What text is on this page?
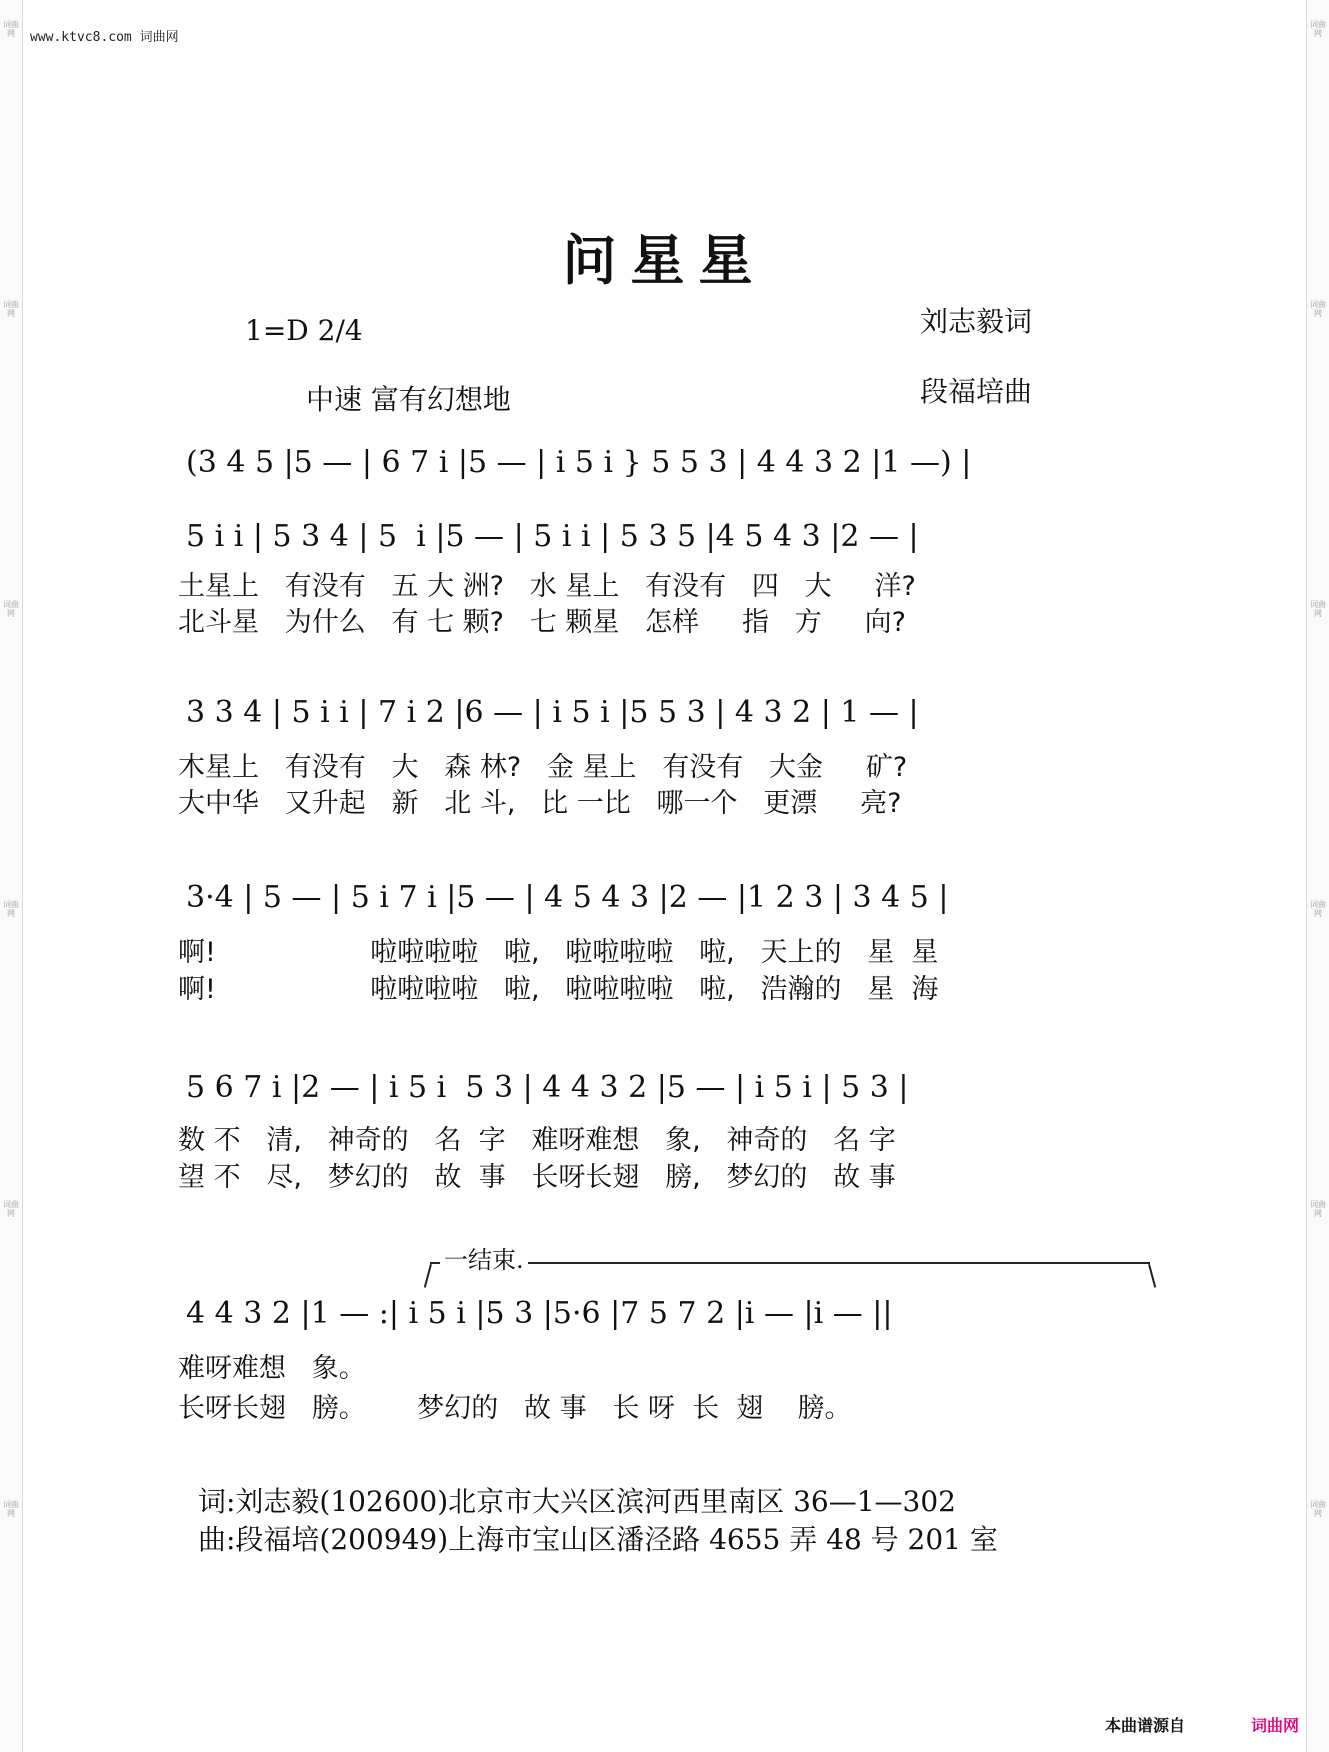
词曲网
词曲网
词曲网
词曲网
词曲网
词曲网
词曲网
词曲网
词曲网
词曲网
词曲网
词曲网
www.ktvc8.com 词曲网
问星星
1=D 2/4
中速 富有幻想地
刘志毅词
段福培曲
(3 4 5 |5 — | 6 7 i |5 — | i 5 i } 5 5 3 | 4 4 3 2 |1 —) |
5 i i | 5 3 4 | 5  i |5 — | 5 i i | 5 3 5 |4 5 4 3 |2 — |
土星上   有没有   五 大 洲?   水 星上   有没有   四   大     洋?
北斗星   为什么   有 七 颗?   七 颗星   怎样     指   方     向?
3 3 4 | 5 i i | 7 i 2 |6 — | i 5 i |5 5 3 | 4 3 2 | 1 — |
木星上   有没有   大   森 林?   金 星上   有没有   大金     矿?
大中华   又升起   新   北 斗,   比 一比   哪一个   更漂     亮?
3·4 | 5 — | 5 i 7 i |5 — | 4 5 4 3 |2 — |1 2 3 | 3 4 5 |
啊!                  啦啦啦啦   啦,   啦啦啦啦   啦,   天上的   星  星
啊!                  啦啦啦啦   啦,   啦啦啦啦   啦,   浩瀚的   星  海
5 6 7 i |2 — | i 5 i  5 3 | 4 4 3 2 |5 — | i 5 i | 5 3 |
数 不   清,   神奇的   名  字   难呀难想   象,   神奇的   名 字
望 不   尽,   梦幻的   故  事   长呀长翅   膀,   梦幻的   故 事
一结束.
4 4 3 2 |1 — :| i 5 i |5 3 |5·6 |7 5 7 2 |i — |i — ||
难呀难想   象。
长呀长翅   膀。      梦幻的   故 事   长 呀  长  翅    膀。
词:刘志毅(102600)北京市大兴区滨河西里南区 36—1—302
曲:段福培(200949)上海市宝山区潘泾路 4655 弄 48 号 201 室
本曲谱源自	词曲网
